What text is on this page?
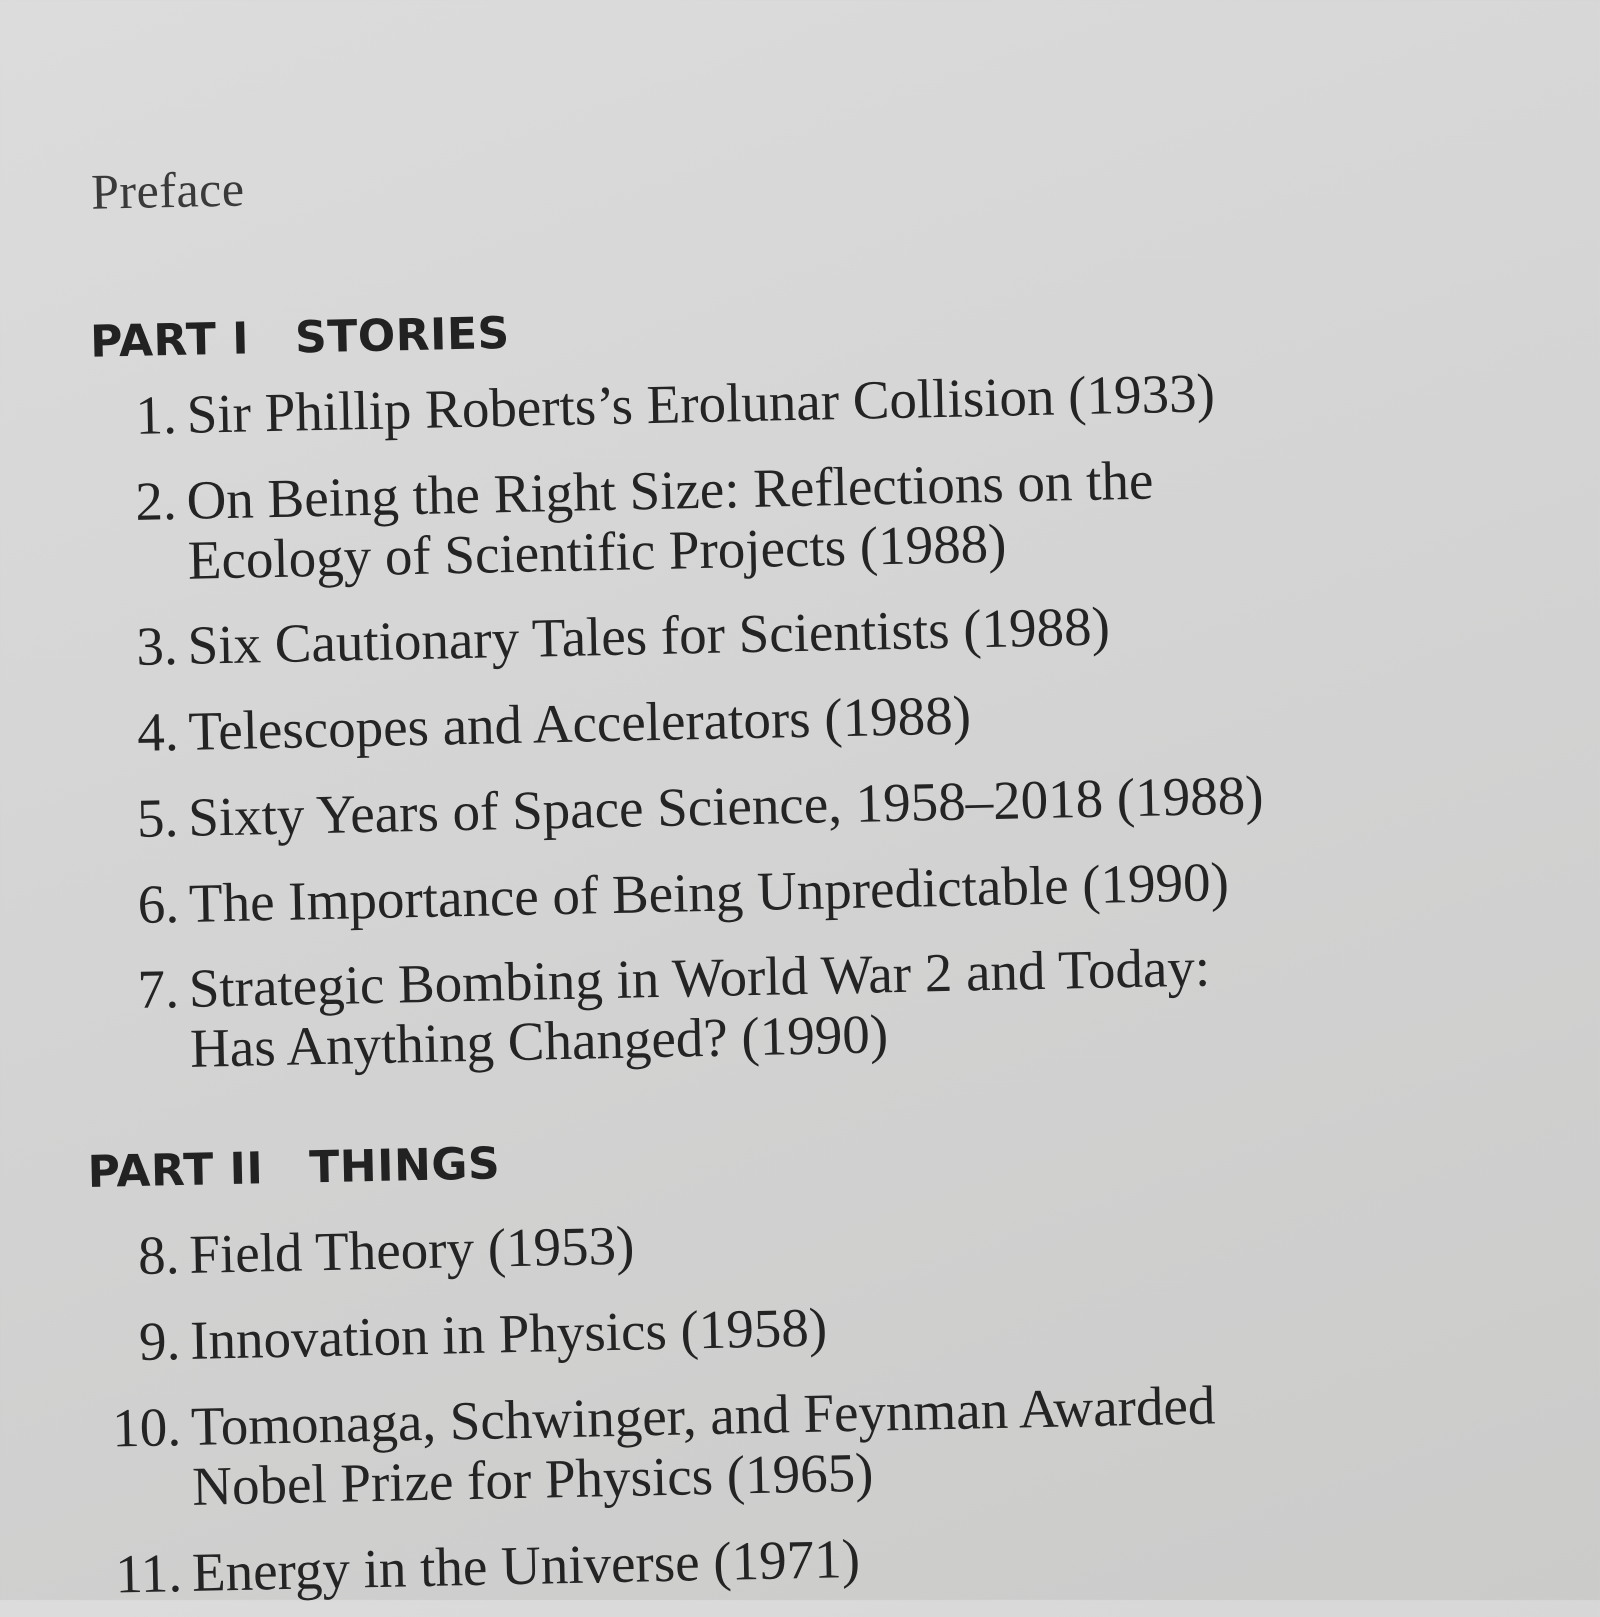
Preface
PART I STORIES
1. Sir Phillip Roberts’s Erolunar Collision (1933)
2. On Being the Right Size: Reflections on the
Ecology of Scientific Projects (1988)
3. Six Cautionary Tales for Scientists (1988)
4. Telescopes and Accelerators (1988)
5. Sixty Years of Space Science, 1958–2018 (1988)
6. The Importance of Being Unpredictable (1990)
7. Strategic Bombing in World War 2 and Today:
Has Anything Changed? (1990)
PART II THINGS
8. Field Theory (1953)
9. Innovation in Physics (1958)
10. Tomonaga, Schwinger, and Feynman Awarded
Nobel Prize for Physics (1965)
11. Energy in the Universe (1971)
